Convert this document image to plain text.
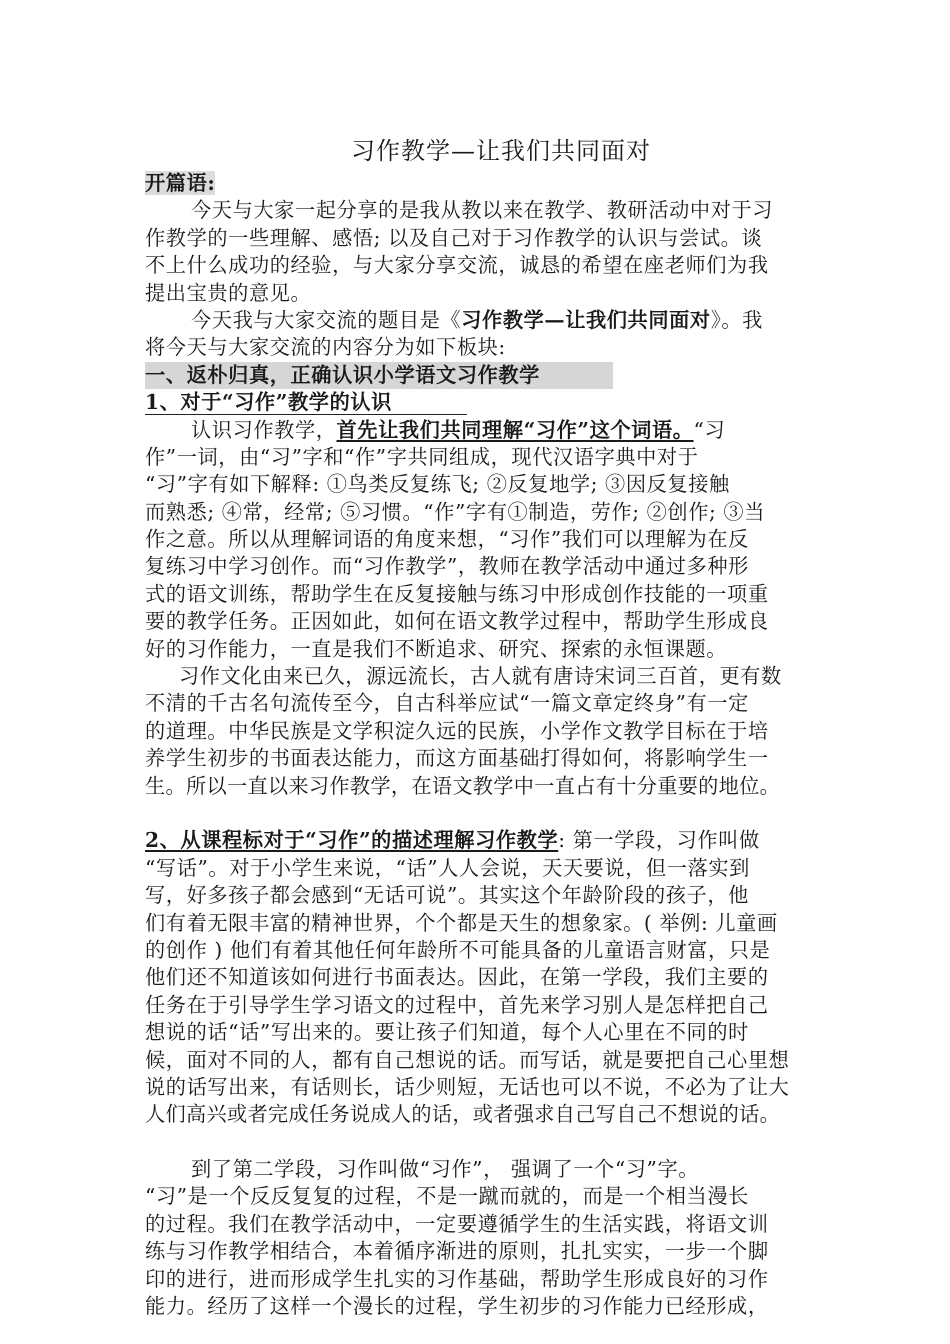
习作教学—让我们共同面对
开篇语:
今天与大家一起分享的是我从教以来在教学、教研活动中对于习
作教学的一些理解、感悟; 以及自己对于习作教学的认识与尝试。谈
不上什么成功的经验，与大家分享交流，诚恳的希望在座老师们为我
提出宝贵的意见。
今天我与大家交流的题目是《习作教学—让我们共同面对》。我
将今天与大家交流的内容分为如下板块:
一、返朴归真，正确认识小学语文习作教学
1、对于“习作”教学的认识
认识习作教学，首先让我们共同理解“习作”这个词语。“习
作”一词，由“习”字和“作”字共同组成，现代汉语字典中对于
“习”字有如下解释: ①鸟类反复练飞; ②反复地学; ③因反复接触
而熟悉; ④常，经常; ⑤习惯。“作”字有①制造，劳作; ②创作; ③当
作之意。所以从理解词语的角度来想，“习作”我们可以理解为在反
复练习中学习创作。而“习作教学”，教师在教学活动中通过多种形
式的语文训练，帮助学生在反复接触与练习中形成创作技能的一项重
要的教学任务。正因如此，如何在语文教学过程中，帮助学生形成良
好的习作能力，一直是我们不断追求、研究、探索的永恒课题。
习作文化由来已久，源远流长，古人就有唐诗宋词三百首，更有数
不清的千古名句流传至今，自古科举应试“一篇文章定终身”有一定
的道理。中华民族是文学积淀久远的民族，小学作文教学目标在于培
养学生初步的书面表达能力，而这方面基础打得如何，将影响学生一
生。所以一直以来习作教学，在语文教学中一直占有十分重要的地位。
2、从课程标对于“习作”的描述理解习作教学: 第一学段，习作叫做
“写话”。对于小学生来说，“话”人人会说，天天要说，但一落实到
写，好多孩子都会感到“无话可说”。其实这个年龄阶段的孩子，他
们有着无限丰富的精神世界，个个都是天生的想象家。( 举例: 儿童画
的创作 ) 他们有着其他任何年龄所不可能具备的儿童语言财富，只是
他们还不知道该如何进行书面表达。因此，在第一学段，我们主要的
任务在于引导学生学习语文的过程中，首先来学习别人是怎样把自己
想说的话“话”写出来的。要让孩子们知道，每个人心里在不同的时
候，面对不同的人，都有自己想说的话。而写话，就是要把自己心里想
说的话写出来，有话则长，话少则短，无话也可以不说，不必为了让大
人们高兴或者完成任务说成人的话，或者强求自己写自己不想说的话。
到了第二学段，习作叫做“习作”， 强调了一个“习”字。
“习”是一个反反复复的过程，不是一蹴而就的，而是一个相当漫长
的过程。我们在教学活动中，一定要遵循学生的生活实践，将语文训
练与习作教学相结合，本着循序渐进的原则，扎扎实实，一步一个脚
印的进行，进而形成学生扎实的习作基础，帮助学生形成良好的习作
能力。经历了这样一个漫长的过程，学生初步的习作能力已经形成，
